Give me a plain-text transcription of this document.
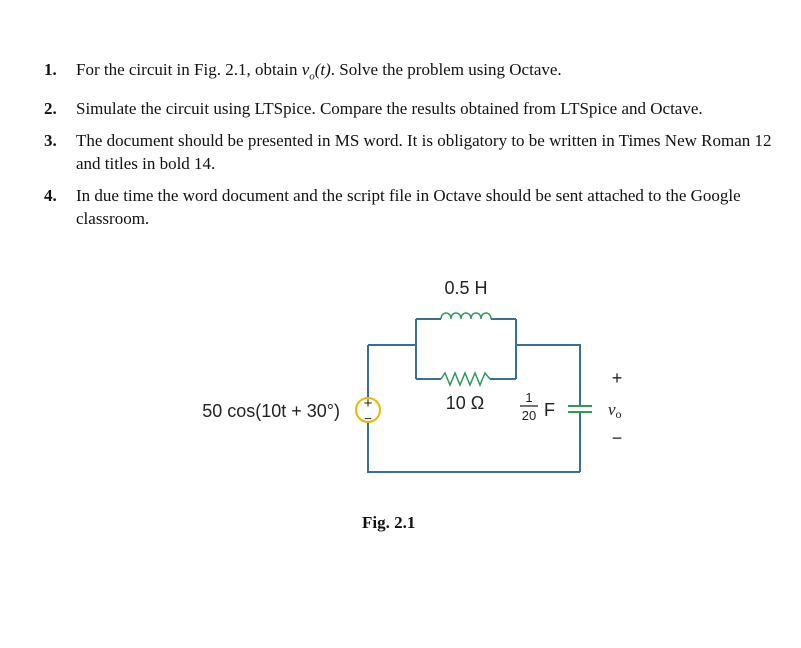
1. For the circuit in Fig. 2.1, obtain $v_o(t)$. Solve the problem using Octave.
2. Simulate the circuit using LTSpice. Compare the results obtained from LTSpice and Octave.
3. The document should be presented in MS word. It is obligatory to be written in Times New Roman 12 and titles in bold 14.
4. In due time the word document and the script file in Octave should be sent attached to the Google classroom.
+
−
50 cos(10t + 30°)
0.5 H
10 Ω	1
20 F
+
vo
−
Fig. 2.1
